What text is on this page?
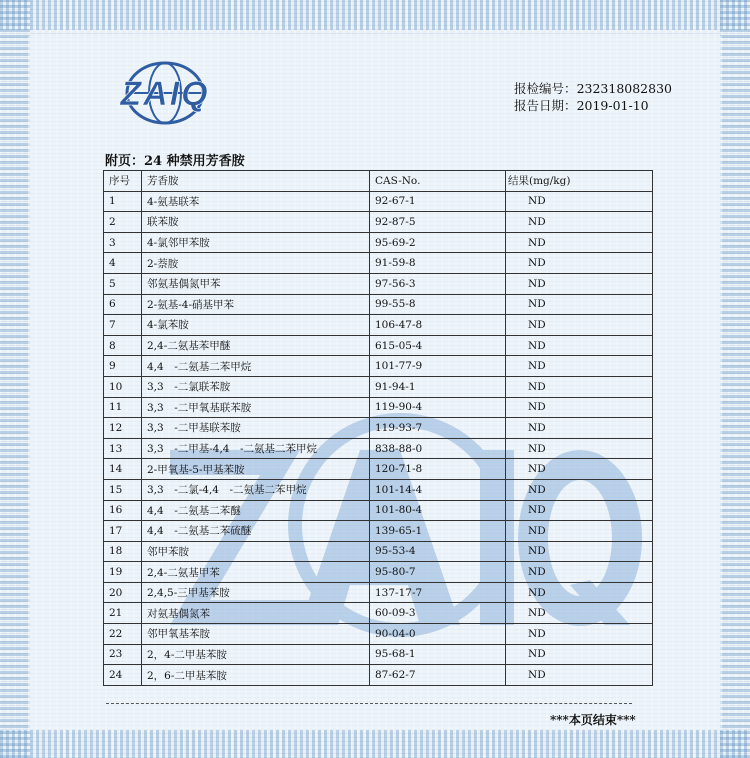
ZAIQ	报检编号：232318082830
报告日期：2019-01-10
附页：24 种禁用芳香胺
序号	芳香胺	CAS-No.	结果(mg/kg)
1	4-氨基联苯	92-67-1	ND
2	联苯胺	92-87-5	ND
3	4-氯邻甲苯胺	95-69-2	ND
4	2-萘胺	91-59-8	ND
5	邻氨基偶氮甲苯	97-56-3	ND
6	2-氨基-4-硝基甲苯	99-55-8	ND
7	4-氯苯胺	106-47-8	ND
8	2,4-二氨基苯甲醚	615-05-4	ND
9	4,4　-二氨基二苯甲烷	101-77-9	ND
10	3,3　-二氯联苯胺	91-94-1	ND
11	3,3　-二甲氧基联苯胺	119-90-4	ND
12	3,3　-二甲基联苯胺	119-93-7	ND
13	3,3　-二甲基-4,4　-二氨基二苯甲烷	838-88-0	ND
14	2-甲氧基-5-甲基苯胺	120-71-8	ND
15	3,3　-二氯-4,4　-二氨基二苯甲烷	101-14-4	ND
16	4,4　-二氨基二苯醚	101-80-4	ND
17	4,4　-二氨基二苯硫醚	139-65-1	ND
18	邻甲苯胺	95-53-4	ND
19	2,4-二氨基甲苯	95-80-7	ND
20	2,4,5-三甲基苯胺	137-17-7	ND
21	对氨基偶氮苯	60-09-3	ND
22	邻甲氧基苯胺	90-04-0	ND
23	2，4-二甲基苯胺	95-68-1	ND
24	2，6-二甲基苯胺	87-62-7	ND
***本页结束***
